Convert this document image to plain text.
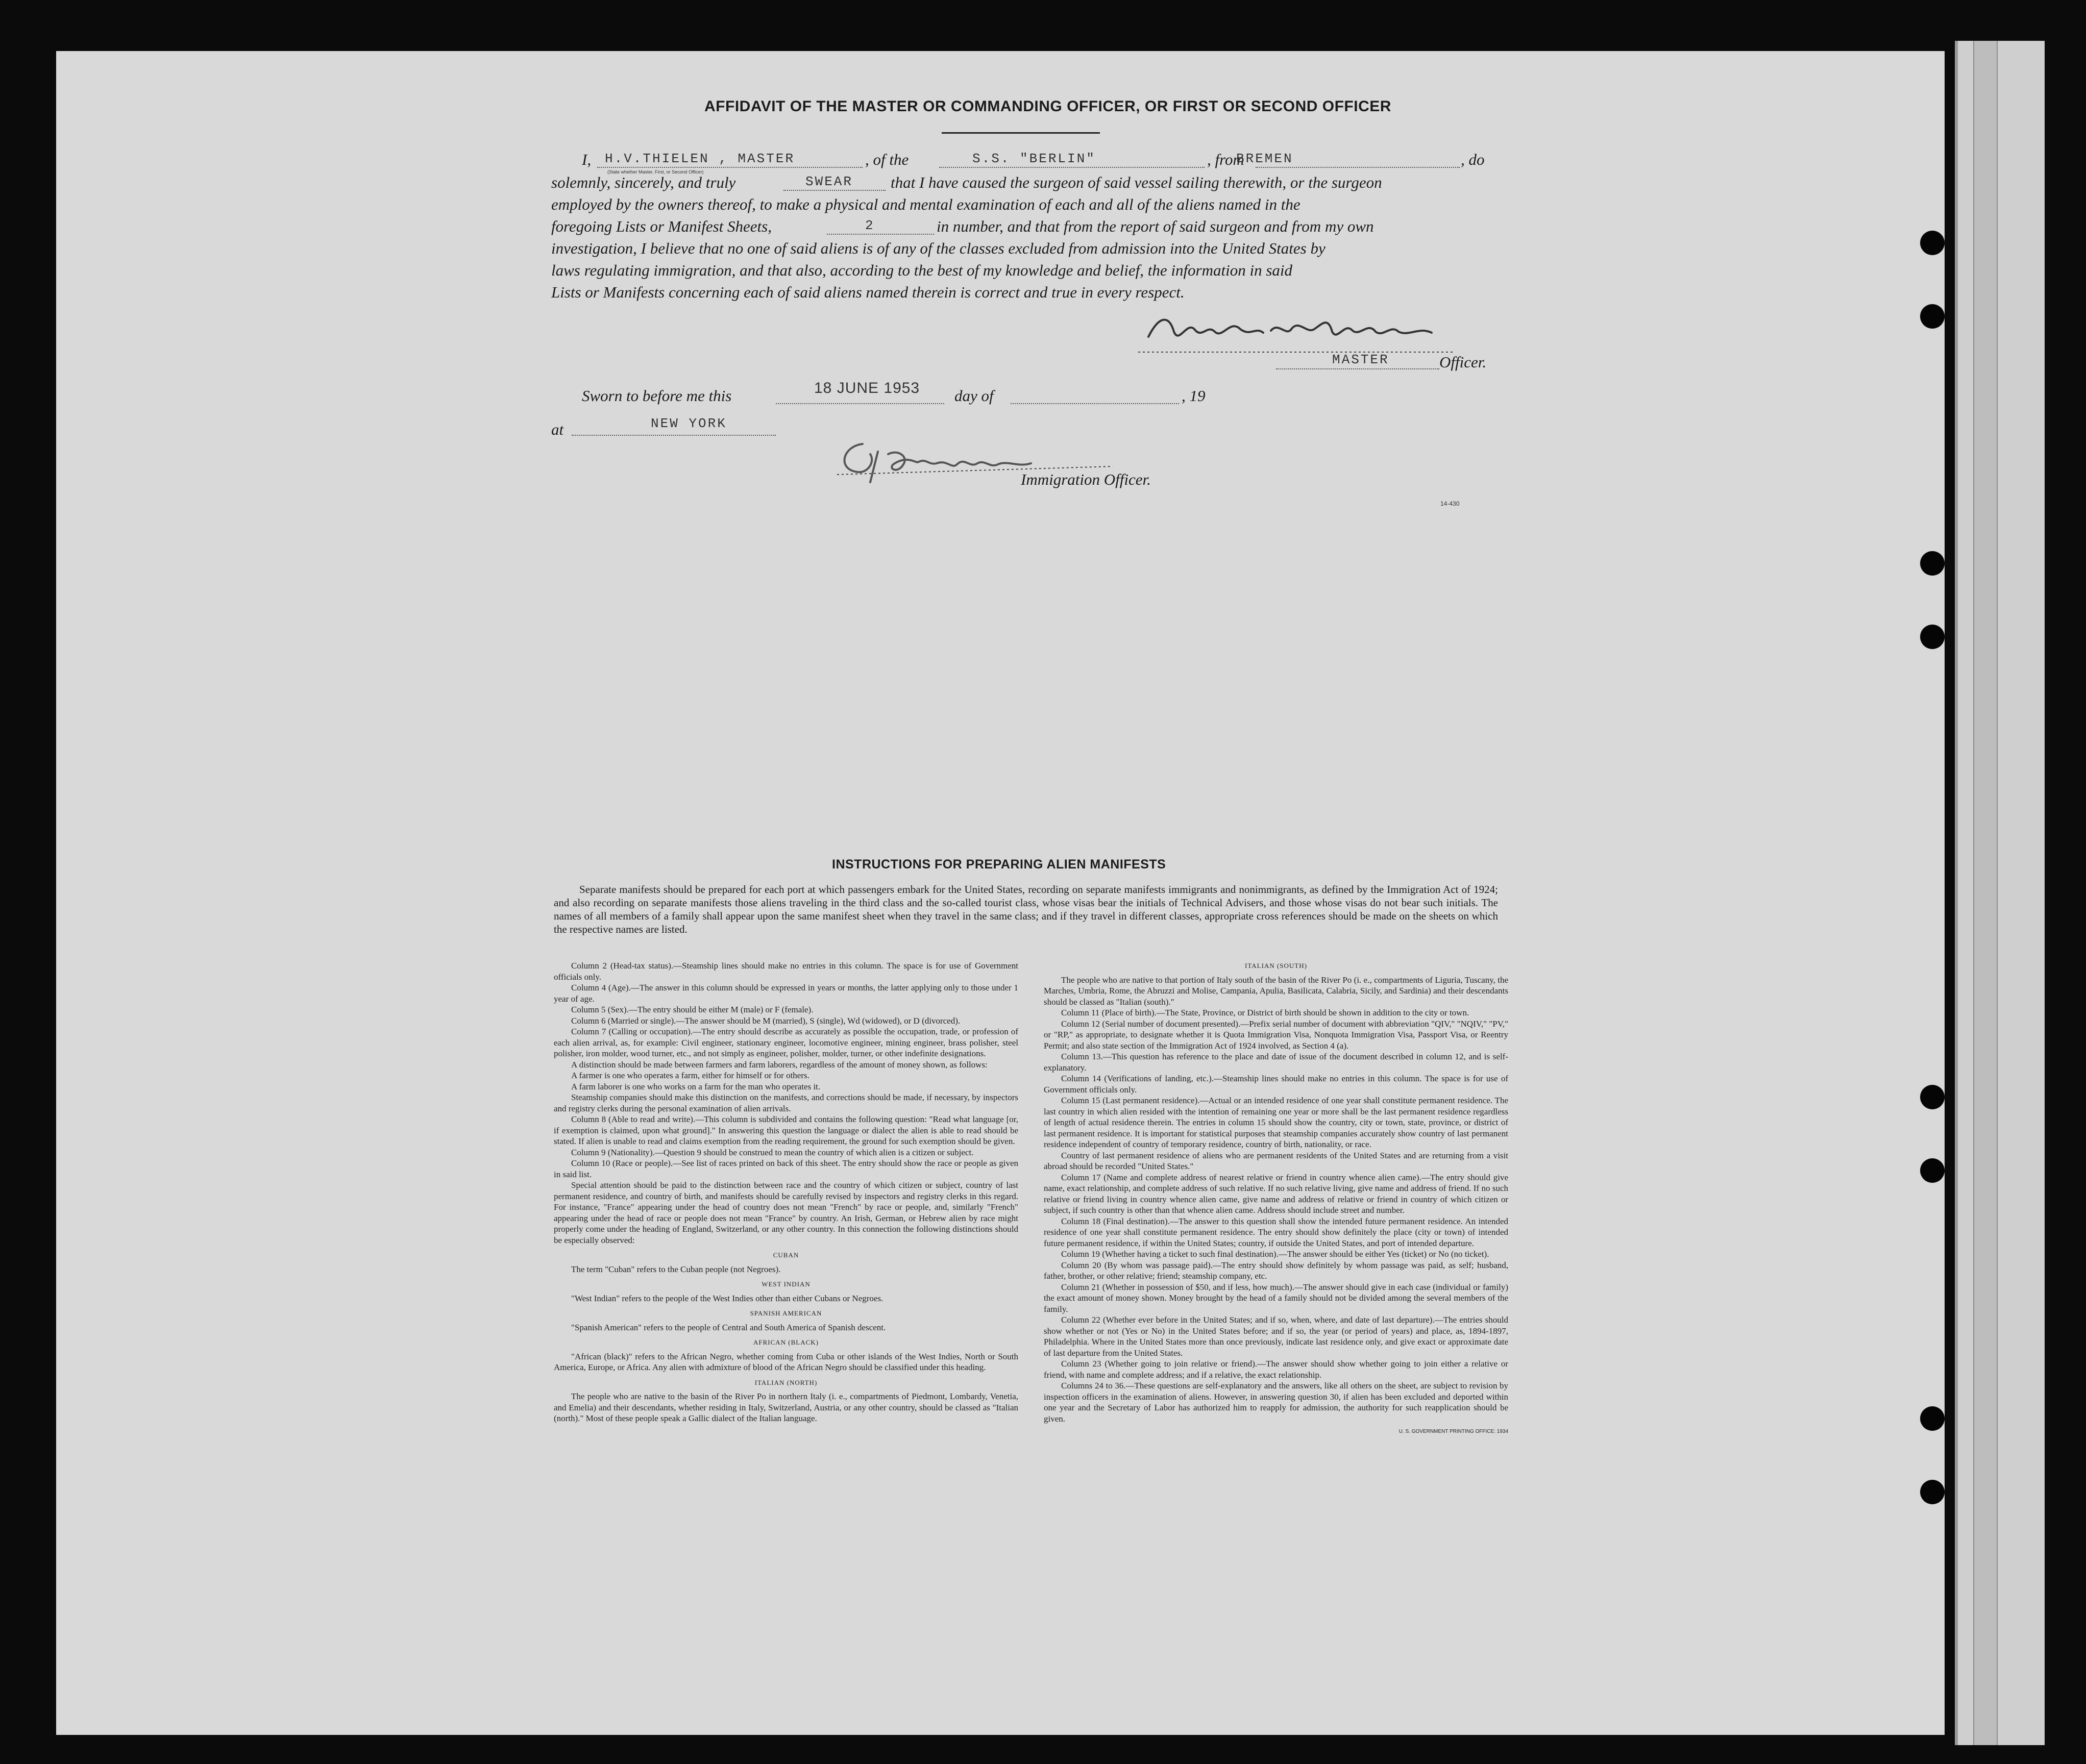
AFFIDAVIT OF THE MASTER OR COMMANDING OFFICER, OR FIRST OR SECOND OFFICER
I, H.V.THIELEN , MASTER
(State whether Master, First, or Second Officer)
, of the	S.S. "BERLIN"	, from
BREMEN	, do
solemnly, sincerely, and truly	SWEAR that I have caused the surgeon of said vessel sailing therewith, or the surgeon
employed by the owners thereof, to make a physical and mental examination of each and all of the aliens named in the
foregoing Lists or Manifest Sheets,	2	in number, and that from the report of said surgeon and from my own
investigation, I believe that no one of said aliens is of any of the classes excluded from admission into the United States by
laws regulating immigration, and that also, according to the best of my knowledge and belief, the information in said
Lists or Manifests concerning each of said aliens named therein is correct and true in every respect.
MASTER	Officer.
Sworn to before me this	18 JUNE 1953 day of	, 19
at	NEW YORK
Immigration Officer.
14-430
INSTRUCTIONS FOR PREPARING ALIEN MANIFESTS
Separate manifests should be prepared for each port at which passengers embark for the United States, recording on separate manifests immigrants and nonimmigrants, as defined by the Immigration Act of 1924; and also recording on separate manifests those aliens traveling in the third class and the so-called tourist class, whose visas bear the initials of Technical Advisers, and those whose visas do not bear such initials. The names of all members of a family shall appear upon the same manifest sheet when they travel in the same class; and if they travel in different classes, appropriate cross references should be made on the sheets on which the respective names are listed.

Column 2 (Head-tax status).—Steamship lines should make no entries in this column. The space is for use of Government officials only.

Column 4 (Age).—The answer in this column should be expressed in years or months, the latter applying only to those under 1 year of age.

Column 5 (Sex).—The entry should be either M (male) or F (female).

Column 6 (Married or single).—The answer should be M (married), S (single), Wd (widowed), or D (divorced).

Column 7 (Calling or occupation).—The entry should describe as accurately as possible the occupation, trade, or profession of each alien arrival, as, for example: Civil engineer, stationary engineer, locomotive engineer, mining engineer, brass polisher, steel polisher, iron molder, wood turner, etc., and not simply as engineer, polisher, molder, turner, or other indefinite designations.

A distinction should be made between farmers and farm laborers, regardless of the amount of money shown, as follows:

A farmer is one who operates a farm, either for himself or for others.

A farm laborer is one who works on a farm for the man who operates it.

Steamship companies should make this distinction on the manifests, and corrections should be made, if necessary, by inspectors and registry clerks during the personal examination of alien arrivals.

Column 8 (Able to read and write).—This column is subdivided and contains the following question: "Read what language [or, if exemption is claimed, upon what ground]." In answering this question the language or dialect the alien is able to read should be stated. If alien is unable to read and claims exemption from the reading requirement, the ground for such exemption should be given.

Column 9 (Nationality).—Question 9 should be construed to mean the country of which alien is a citizen or subject.

Column 10 (Race or people).—See list of races printed on back of this sheet. The entry should show the race or people as given in said list.

Special attention should be paid to the distinction between race and the country of which citizen or subject, country of last permanent residence, and country of birth, and manifests should be carefully revised by inspectors and registry clerks in this regard. For instance, "France" appearing under the head of country does not mean "French" by race or people, and, similarly "French" appearing under the head of race or people does not mean "France" by country. An Irish, German, or Hebrew alien by race might properly come under the heading of England, Switzerland, or any other country. In this connection the following distinctions should be especially observed:

CUBAN

The term "Cuban" refers to the Cuban people (not Negroes).

WEST INDIAN

"West Indian" refers to the people of the West Indies other than either Cubans or Negroes.

SPANISH AMERICAN

"Spanish American" refers to the people of Central and South America of Spanish descent.

AFRICAN (BLACK)

"African (black)" refers to the African Negro, whether coming from Cuba or other islands of the West Indies, North or South America, Europe, or Africa. Any alien with admixture of blood of the African Negro should be classified under this heading.

ITALIAN (NORTH)

The people who are native to the basin of the River Po in northern Italy (i. e., compartments of Piedmont, Lombardy, Venetia, and Emelia) and their descendants, whether residing in Italy, Switzerland, Austria, or any other country, should be classed as "Italian (north)." Most of these people speak a Gallic dialect of the Italian language.

ITALIAN (SOUTH)

The people who are native to that portion of Italy south of the basin of the River Po (i. e., compartments of Liguria, Tuscany, the Marches, Umbria, Rome, the Abruzzi and Molise, Campania, Apulia, Basilicata, Calabria, Sicily, and Sardinia) and their descendants should be classed as "Italian (south)."

Column 11 (Place of birth).—The State, Province, or District of birth should be shown in addition to the city or town.

Column 12 (Serial number of document presented).—Prefix serial number of document with abbreviation "QIV," "NQIV," "PV," or "RP," as appropriate, to designate whether it is Quota Immigration Visa, Nonquota Immigration Visa, Passport Visa, or Reentry Permit; and also state section of the Immigration Act of 1924 involved, as Section 4 (a).

Column 13.—This question has reference to the place and date of issue of the document described in column 12, and is self-explanatory.

Column 14 (Verifications of landing, etc.).—Steamship lines should make no entries in this column. The space is for use of Government officials only.

Column 15 (Last permanent residence).—Actual or an intended residence of one year shall constitute permanent residence. The last country in which alien resided with the intention of remaining one year or more shall be the last permanent residence regardless of length of actual residence therein. The entries in column 15 should show the country, city or town, state, province, or district of last permanent residence. It is important for statistical purposes that steamship companies accurately show country of last permanent residence independent of country of temporary residence, country of birth, nationality, or race.

Country of last permanent residence of aliens who are permanent residents of the United States and are returning from a visit abroad should be recorded "United States."

Column 17 (Name and complete address of nearest relative or friend in country whence alien came).—The entry should give name, exact relationship, and complete address of such relative. If no such relative living, give name and address of friend. If no such relative or friend living in country whence alien came, give name and address of relative or friend in country of which citizen or subject, if such country is other than that whence alien came. Address should include street and number.

Column 18 (Final destination).—The answer to this question shall show the intended future permanent residence. An intended residence of one year shall constitute permanent residence. The entry should show definitely the place (city or town) of intended future permanent residence, if within the United States; country, if outside the United States, and port of intended departure.

Column 19 (Whether having a ticket to such final destination).—The answer should be either Yes (ticket) or No (no ticket).

Column 20 (By whom was passage paid).—The entry should show definitely by whom passage was paid, as self; husband, father, brother, or other relative; friend; steamship company, etc.

Column 21 (Whether in possession of $50, and if less, how much).—The answer should give in each case (individual or family) the exact amount of money shown. Money brought by the head of a family should not be divided among the several members of the family.

Column 22 (Whether ever before in the United States; and if so, when, where, and date of last departure).—The entries should show whether or not (Yes or No) in the United States before; and if so, the year (or period of years) and place, as, 1894-1897, Philadelphia. Where in the United States more than once previously, indicate last residence only, and give exact or approximate date of last departure from the United States.

Column 23 (Whether going to join relative or friend).—The answer should show whether going to join either a relative or friend, with name and complete address; and if a relative, the exact relationship.

Columns 24 to 36.—These questions are self-explanatory and the answers, like all others on the sheet, are subject to revision by inspection officers in the examination of aliens. However, in answering question 30, if alien has been excluded and deported within one year and the Secretary of Labor has authorized him to reapply for admission, the authority for such reapplication should be given.

U. S. GOVERNMENT PRINTING OFFICE: 1934
